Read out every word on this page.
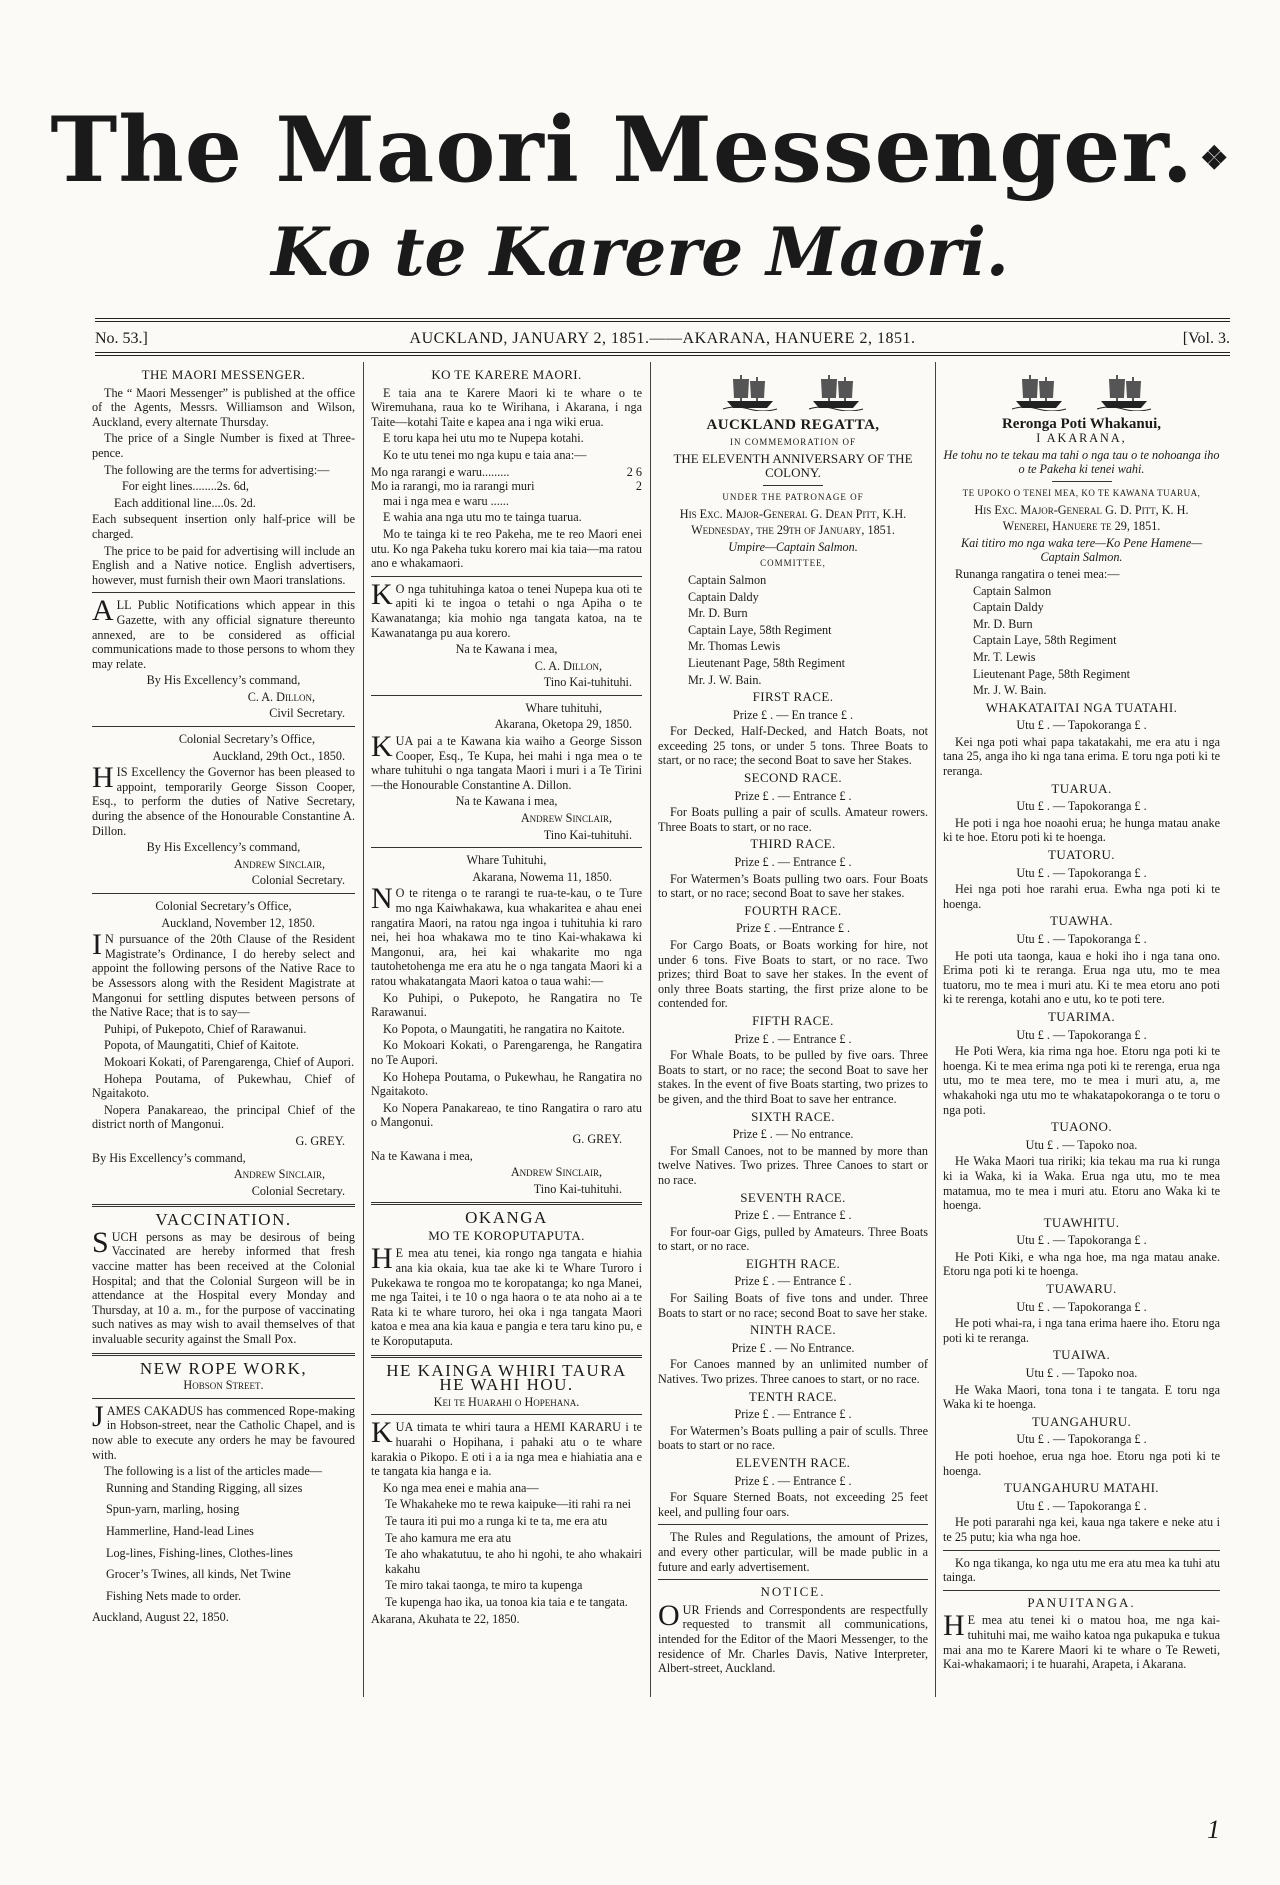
The Maori Messenger. ❖
Ko te Karere Maori.
No. 53.]	AUCKLAND, JANUARY 2, 1851.——AKARANA, HANUERE 2, 1851.	[Vol. 3.
THE MAORI MESSENGER.

The “ Maori Messenger” is published at the office of the Agents, Messrs. Williamson and Wilson, Auckland, every alternate Thursday.

The price of a Single Number is fixed at Three-pence.

The following are the terms for advertising:—

For eight lines........2s. 6d,

Each additional line....0s. 2d.

Each subsequent insertion only half-price will be charged.

The price to be paid for advertising will include an English and a Native notice. English advertisers, however, must furnish their own Maori translations.

ALL Public Notifications which appear in this Gazette, with any official signature thereunto annexed, are to be considered as official communications made to those persons to whom they may relate.

By His Excellency’s command,

C. A. Dillon,

Civil Secretary.

Colonial Secretary’s Office,

Auckland, 29th Oct., 1850.

HIS Excellency the Governor has been pleased to appoint, temporarily George Sisson Cooper, Esq., to perform the duties of Native Secretary, during the absence of the Honourable Constantine A. Dillon.

By His Excellency’s command,

Andrew Sinclair,

Colonial Secretary.

Colonial Secretary’s Office,

Auckland, November 12, 1850.

IN pursuance of the 20th Clause of the Resident Magistrate’s Ordinance, I do hereby select and appoint the following persons of the Native Race to be Assessors along with the Resident Magistrate at Mangonui for settling disputes between persons of the Native Race; that is to say—

Puhipi, of Pukepoto, Chief of Rarawanui.

Popota, of Maungatiti, Chief of Kaitote.

Mokoari Kokati, of Parengarenga, Chief of Aupori.

Hohepa Poutama, of Pukewhau, Chief of Ngaitakoto.

Nopera Panakareao, the principal Chief of the district north of Mangonui.

G. GREY.

By His Excellency’s command,

Andrew Sinclair,

Colonial Secretary.

VACCINATION.

SUCH persons as may be desirous of being Vaccinated are hereby informed that fresh vaccine matter has been received at the Colonial Hospital; and that the Colonial Surgeon will be in attendance at the Hospital every Monday and Thursday, at 10 a. m., for the purpose of vaccinating such natives as may wish to avail themselves of that invaluable security against the Small Pox.

NEW ROPE WORK,

Hobson Street.

JAMES CAKADUS has commenced Rope-making in Hobson-street, near the Catholic Chapel, and is now able to execute any orders he may be favoured with.

The following is a list of the articles made—

Running and Standing Rigging, all sizes

Spun-yarn, marling, hosing

Hammerline, Hand-lead Lines

Log-lines, Fishing-lines, Clothes-lines

Grocer’s Twines, all kinds, Net Twine

Fishing Nets made to order.

Auckland, August 22, 1850.

KO TE KARERE MAORI.

E taia ana te Karere Maori ki te whare o te Wiremuhana, raua ko te Wirihana, i Akarana, i nga Taite—kotahi Taite e kapea ana i nga wiki erua.

E toru kapa hei utu mo te Nupepa kotahi.

Ko te utu tenei mo nga kupu e taia ana:—

Mo nga rarangi e waru.........	2 6
Mo ia rarangi, mo ia rarangi muri	2

mai i nga mea e waru ......

E wahia ana nga utu mo te tainga tuarua.

Mo te tainga ki te reo Pakeha, me te reo Maori enei utu. Ko nga Pakeha tuku korero mai kia taia—ma ratou ano e whakamaori.

KO nga tuhituhinga katoa o tenei Nupepa kua oti te apiti ki te ingoa o tetahi o nga Apiha o te Kawanatanga; kia mohio nga tangata katoa, na te Kawanatanga pu aua korero.

Na te Kawana i mea,

C. A. Dillon,

Tino Kai-tuhituhi.

Whare tuhituhi,

Akarana, Oketopa 29, 1850.

KUA pai a te Kawana kia waiho a George Sisson Cooper, Esq., Te Kupa, hei mahi i nga mea o te whare tuhituhi o nga tangata Maori i muri i a Te Tirini—the Honourable Constantine A. Dillon.

Na te Kawana i mea,

Andrew Sinclair,

Tino Kai-tuhituhi.

Whare Tuhituhi,

Akarana, Nowema 11, 1850.

NO te ritenga o te rarangi te rua-te-kau, o te Ture mo nga Kaiwhakawa, kua whakaritea e ahau enei rangatira Maori, na ratou nga ingoa i tuhituhia ki raro nei, hei hoa whakawa mo te tino Kai-whakawa ki Mangonui, ara, hei kai whakarite mo nga tautohetohenga me era atu he o nga tangata Maori ki a ratou whakatangata Maori katoa o taua wahi:—

Ko Puhipi, o Pukepoto, he Rangatira no Te Rarawanui.

Ko Popota, o Maungatiti, he rangatira no Kaitote.

Ko Mokoari Kokati, o Parengarenga, he Rangatira no Te Aupori.

Ko Hohepa Poutama, o Pukewhau, he Rangatira no Ngaitakoto.

Ko Nopera Panakareao, te tino Rangatira o raro atu o Mangonui.

G. GREY.

Na te Kawana i mea,

Andrew Sinclair,

Tino Kai-tuhituhi.

OKANGA
MO TE KOROPUTAPUTA.

HE mea atu tenei, kia rongo nga tangata e hiahia ana kia okaia, kua tae ake ki te Whare Turoro i Pukekawa te rongoa mo te koropatanga; ko nga Manei, me nga Taitei, i te 10 o nga haora o te ata noho ai a te Rata ki te whare turoro, hei oka i nga tangata Maori katoa e mea ana kia kaua e pangia e tera taru kino pu, e te Koroputaputa.

HE KAINGA WHIRI TAURA HE WAHI HOU.

Kei te Huarahi o Hopehana.

KUA timata te whiri taura a HEMI KARARU i te huarahi o Hopihana, i pahaki atu o te whare karakia o Pikopo. E oti i a ia nga mea e hiahiatia ana e te tangata kia hanga e ia.

Ko nga mea enei e mahia ana—

Te Whakaheke mo te rewa kaipuke—iti rahi ra nei

Te taura iti pui mo a runga ki te ta, me era atu

Te aho kamura me era atu

Te aho whakatutuu, te aho hi ngohi, te aho whakairi kakahu

Te miro takai taonga, te miro ta kupenga

Te kupenga hao ika, ua tonoa kia taia e te tangata.

Akarana, Akuhata te 22, 1850.

AUCKLAND REGATTA,

IN COMMEMORATION OF

THE ELEVENTH ANNIVERSARY OF THE COLONY.

UNDER THE PATRONAGE OF

His Exc. Major-General G. Dean Pitt, K.H.

Wednesday, the 29th of January, 1851.

Umpire—Captain Salmon.

COMMITTEE,

Captain Salmon

Captain Daldy

Mr. D. Burn

Captain Laye, 58th Regiment

Mr. Thomas Lewis

Lieutenant Page, 58th Regiment

Mr. J. W. Bain.

FIRST RACE.

Prize £ . — En trance £ .

For Decked, Half-Decked, and Hatch Boats, not exceeding 25 tons, or under 5 tons. Three Boats to start, or no race; the second Boat to save her Stakes.

SECOND RACE.

Prize £ . — Entrance £ .

For Boats pulling a pair of sculls. Amateur rowers. Three Boats to start, or no race.

THIRD RACE.

Prize £ . — Entrance £ .

For Watermen’s Boats pulling two oars. Four Boats to start, or no race; second Boat to save her stakes.

FOURTH RACE.

Prize £ . —Entrance £ .

For Cargo Boats, or Boats working for hire, not under 6 tons. Five Boats to start, or no race. Two prizes; third Boat to save her stakes. In the event of only three Boats starting, the first prize alone to be contended for.

FIFTH RACE.

Prize £ . — Entrance £ .

For Whale Boats, to be pulled by five oars. Three Boats to start, or no race; the second Boat to save her stakes. In the event of five Boats starting, two prizes to be given, and the third Boat to save her entrance.

SIXTH RACE.

Prize £ . — No entrance.

For Small Canoes, not to be manned by more than twelve Natives. Two prizes. Three Canoes to start or no race.

SEVENTH RACE.

Prize £ . — Entrance £ .

For four-oar Gigs, pulled by Amateurs. Three Boats to start, or no race.

EIGHTH RACE.

Prize £ . — Entrance £ .

For Sailing Boats of five tons and under. Three Boats to start or no race; second Boat to save her stake.

NINTH RACE.

Prize £ . — No Entrance.

For Canoes manned by an unlimited number of Natives. Two prizes. Three canoes to start, or no race.

TENTH RACE.

Prize £ . — Entrance £ .

For Watermen’s Boats pulling a pair of sculls. Three boats to start or no race.

ELEVENTH RACE.

Prize £ . — Entrance £ .

For Square Sterned Boats, not exceeding 25 feet keel, and pulling four oars.

The Rules and Regulations, the amount of Prizes, and every other particular, will be made public in a future and early advertisement.

NOTICE.

OUR Friends and Correspondents are respectfully requested to transmit all communications, intended for the Editor of the Maori Messenger, to the residence of Mr. Charles Davis, Native Interpreter, Albert-street, Auckland.

Reronga Poti Whakanui,

I AKARANA,

He tohu no te tekau ma tahi o nga tau o te nohoanga iho o te Pakeha ki tenei wahi.

TE UPOKO O TENEI MEA, KO TE KAWANA TUARUA,

His Exc. Major-General G. D. Pitt, K. H.

Wenerei, Hanuere te 29, 1851.

Kai titiro mo nga waka tere—Ko Pene Hamene—Captain Salmon.

Runanga rangatira o tenei mea:—

Captain Salmon

Captain Daldy

Mr. D. Burn

Captain Laye, 58th Regiment

Mr. T. Lewis

Lieutenant Page, 58th Regiment

Mr. J. W. Bain.

WHAKATAITAI NGA TUATAHI.

Utu £ . — Tapokoranga £ .

Kei nga poti whai papa takatakahi, me era atu i nga tana 25, anga iho ki nga tana erima. E toru nga poti ki te reranga.

TUARUA.

Utu £ . — Tapokoranga £ .

He poti i nga hoe noaohi erua; he hunga matau anake ki te hoe. Etoru poti ki te hoenga.

TUATORU.

Utu £ . — Tapokoranga £ .

Hei nga poti hoe rarahi erua. Ewha nga poti ki te hoenga.

TUAWHA.

Utu £ . — Tapokoranga £ .

He poti uta taonga, kaua e hoki iho i nga tana ono. Erima poti ki te reranga. Erua nga utu, mo te mea tuatoru, mo te mea i muri atu. Ki te mea etoru ano poti ki te rerenga, kotahi ano e utu, ko te poti tere.

TUARIMA.

Utu £ . — Tapokoranga £ .

He Poti Wera, kia rima nga hoe. Etoru nga poti ki te hoenga. Ki te mea erima nga poti ki te rerenga, erua nga utu, mo te mea tere, mo te mea i muri atu, a, me whakahoki nga utu mo te whakatapokoranga o te toru o nga poti.

TUAONO.

Utu £ . — Tapoko noa.

He Waka Maori tua ririki; kia tekau ma rua ki runga ki ia Waka, ki ia Waka. Erua nga utu, mo te mea matamua, mo te mea i muri atu. Etoru ano Waka ki te hoenga.

TUAWHITU.

Utu £ . — Tapokoranga £ .

He Poti Kiki, e wha nga hoe, ma nga matau anake. Etoru nga poti ki te hoenga.

TUAWARU.

Utu £ . — Tapokoranga £ .

He poti whai-ra, i nga tana erima haere iho. Etoru nga poti ki te reranga.

TUAIWA.

Utu £ . — Tapoko noa.

He Waka Maori, tona tona i te tangata. E toru nga Waka ki te hoenga.

TUANGAHURU.

Utu £ . — Tapokoranga £ .

He poti hoehoe, erua nga hoe. Etoru nga poti ki te hoenga.

TUANGAHURU MATAHI.

Utu £ . — Tapokoranga £ .

He poti pararahi nga kei, kaua nga takere e neke atu i te 25 putu; kia wha nga hoe.

Ko nga tikanga, ko nga utu me era atu mea ka tuhi atu tainga.

PANUITANGA.

HE mea atu tenei ki o matou hoa, me nga kai-tuhituhi mai, me waiho katoa nga pukapuka e tukua mai ana mo te Karere Maori ki te whare o Te Reweti, Kai-whakamaori; i te huarahi, Arapeta, i Akarana.

1
